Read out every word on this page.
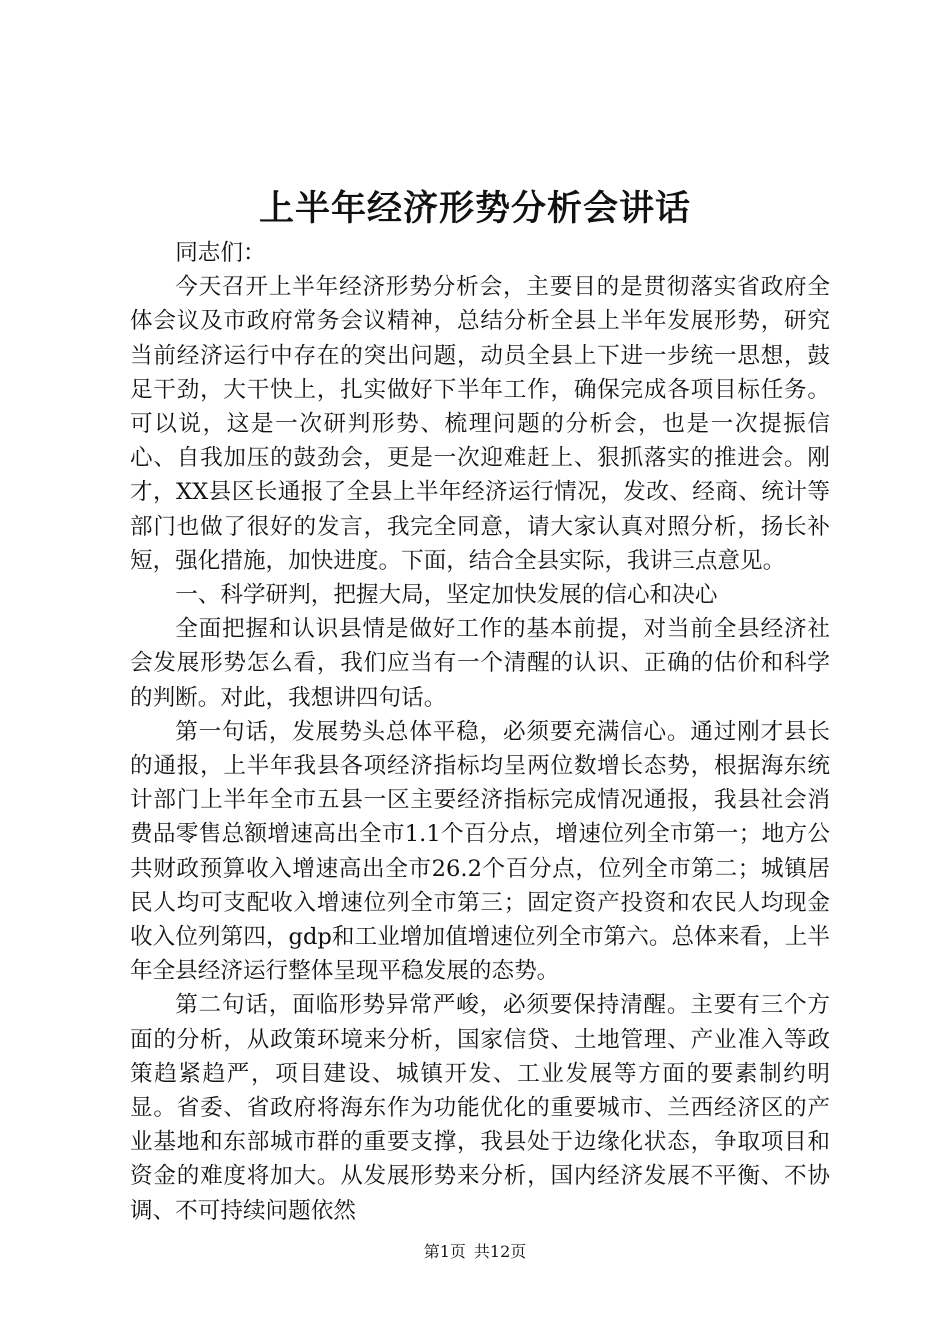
上半年经济形势分析会讲话

同志们：

今天召开上半年经济形势分析会，主要目的是贯彻落实省政府全体会议及市政府常务会议精神，总结分析全县上半年发展形势，研究当前经济运行中存在的突出问题，动员全县上下进一步统一思想，鼓足干劲，大干快上，扎实做好下半年工作，确保完成各项目标任务。可以说，这是一次研判形势、梳理问题的分析会，也是一次提振信心、自我加压的鼓劲会，更是一次迎难赶上、狠抓落实的推进会。刚才，XX县区长通报了全县上半年经济运行情况，发改、经商、统计等部门也做了很好的发言，我完全同意，请大家认真对照分析，扬长补短，强化措施，加快进度。下面，结合全县实际，我讲三点意见。

一、科学研判，把握大局，坚定加快发展的信心和决心

全面把握和认识县情是做好工作的基本前提，对当前全县经济社会发展形势怎么看，我们应当有一个清醒的认识、正确的估价和科学的判断。对此，我想讲四句话。

第一句话，发展势头总体平稳，必须要充满信心。通过刚才县长的通报，上半年我县各项经济指标均呈两位数增长态势，根据海东统计部门上半年全市五县一区主要经济指标完成情况通报，我县社会消费品零售总额增速高出全市1.1个百分点，增速位列全市第一；地方公共财政预算收入增速高出全市26.2个百分点，位列全市第二；城镇居民人均可支配收入增速位列全市第三；固定资产投资和农民人均现金收入位列第四，gdp和工业增加值增速位列全市第六。总体来看，上半年全县经济运行整体呈现平稳发展的态势。

第二句话，面临形势异常严峻，必须要保持清醒。主要有三个方面的分析，从政策环境来分析，国家信贷、土地管理、产业准入等政策趋紧趋严，项目建设、城镇开发、工业发展等方面的要素制约明显。省委、省政府将海东作为功能优化的重要城市、兰西经济区的产业基地和东部城市群的重要支撑，我县处于边缘化状态，争取项目和资金的难度将加大。从发展形势来分析，国内经济发展不平衡、不协调、不可持续问题依然

第1页 共12页
